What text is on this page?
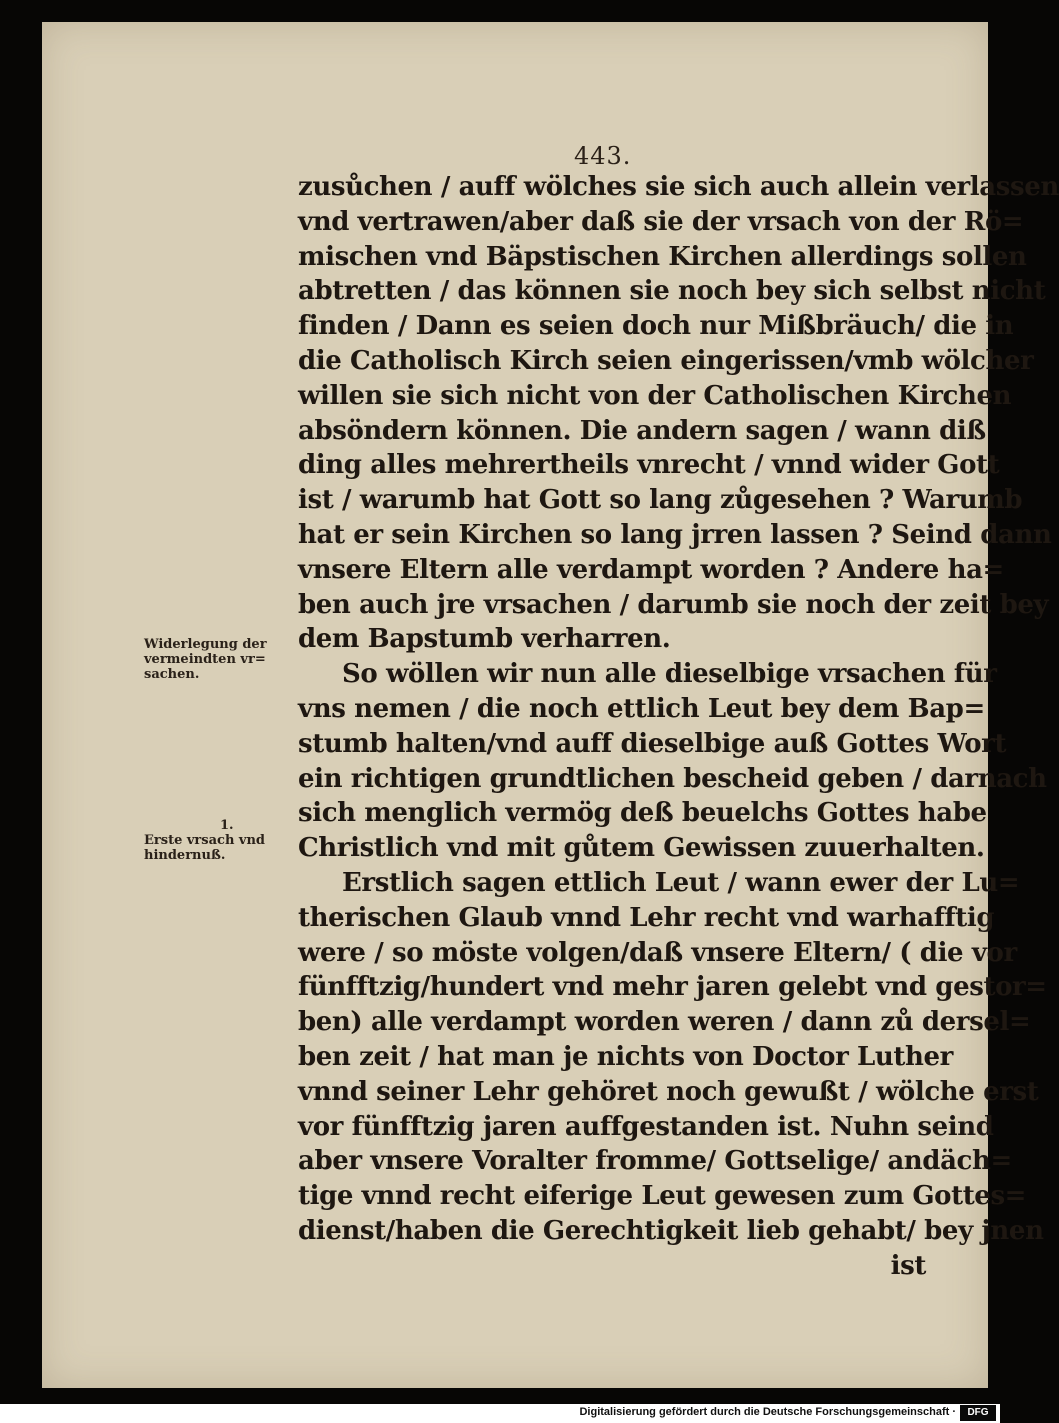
443.
zusůchen / auff wölches sie sich auch allein verlassen
vnd vertrawen/aber daß sie der vrsach von der Rö=
mischen vnd Bäpstischen Kirchen allerdings sollen
abtretten / das können sie noch bey sich selbst nicht
finden / Dann es seien doch nur Mißbräuch/ die in
die Catholisch Kirch seien eingerissen/vmb wölcher
willen sie sich nicht von der Catholischen Kirchen
absöndern können. Die andern sagen / wann diß
ding alles mehrertheils vnrecht / vnnd wider Gott
ist / warumb hat Gott so lang zůgesehen ? Warumb
hat er sein Kirchen so lang jrren lassen ? Seind dann
vnsere Eltern alle verdampt worden ? Andere ha=
ben auch jre vrsachen / darumb sie noch der zeit bey
dem Bapstumb verharren.
So wöllen wir nun alle dieselbige vrsachen für
vns nemen / die noch ettlich Leut bey dem Bap=
stumb halten/vnd auff dieselbige auß Gottes Wort
ein richtigen grundtlichen bescheid geben / darnach
sich menglich vermög deß beuelchs Gottes habe
Christlich vnd mit gůtem Gewissen zuuerhalten.
Erstlich sagen ettlich Leut / wann ewer der Lu=
therischen Glaub vnnd Lehr recht vnd warhafftig
were / so möste volgen/daß vnsere Eltern/ ( die vor
fünfftzig/hundert vnd mehr jaren gelebt vnd gestor=
ben) alle verdampt worden weren / dann zů dersel=
ben zeit / hat man je nichts von Doctor Luther
vnnd seiner Lehr gehöret noch gewußt / wölche erst
vor fünfftzig jaren auffgestanden ist. Nuhn seind
aber vnsere Voralter fromme/ Gottselige/ andäch=
tige vnnd recht eiferige Leut gewesen zum Gottes=
dienst/haben die Gerechtigkeit lieb gehabt/ bey jnen
ist
Widerlegung der
vermeindten vr=
sachen.
1.
Erste vrsach vnd
hindernuß.
Digitalisierung gefördert durch die Deutsche Forschungsgemeinschaft ·	DFG
